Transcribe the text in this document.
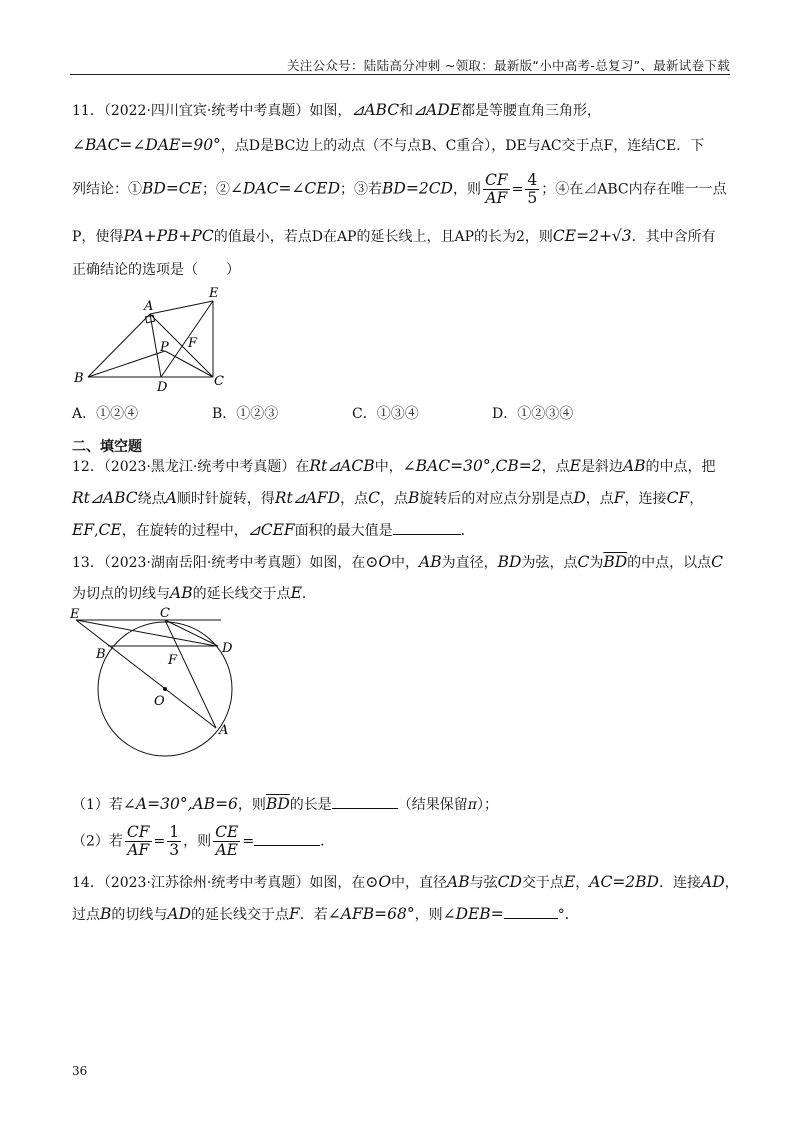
关注公众号：陆陆高分冲刺 ~领取：最新版“小中高考-总复习”、最新试卷下载
11．（2022·四川宜宾·统考中考真题）如图，⊿ABC和⊿ADE都是等腰直角三角形，
∠BAC=∠DAE=90°，点D是BC边上的动点（不与点B、C重合），DE与AC交于点F，连结CE．下
列结论：①BD=CE；②∠DAC=∠CED；③若BD=2CD，则 $\frac{CF}{AF} = \frac{4}{5}$ ；④在⊿ABC内存在唯一一点
P，使得PA+PB+PC的值最小，若点D在AP的延长线上，且AP的长为2，则CE=2+√3．其中含所有
正确结论的选项是（　　）
A
E
P F
B
D	C
A．①②④	B．①②③	C．①③④	D．①②③④
二、填空题
12．（2023·黑龙江·统考中考真题）在Rt⊿ACB中，∠BAC=30°,CB=2，点E是斜边AB的中点，把
Rt⊿ABC绕点A顺时针旋转，得Rt⊿AFD，点C，点B旋转后的对应点分别是点D，点F，连接CF，
EF,CE，在旋转的过程中，⊿CEF面积的最大值是	．
13．（2023·湖南岳阳·统考中考真题）如图，在⊙O中，AB为直径，BD为弦，点C为$\overline{BD}$的中点，以点C
为切点的切线与AB的延长线交于点E．
E	C
D
B	F
O
A
（1）若∠A=30°,AB=6，则$\overline{BD}$的长是	（结果保留π）；
（2）若 $\frac{CF}{AF} = \frac{1}{3}$ ，则 $\frac{CE}{AE}$ =	．
14．（2023·江苏徐州·统考中考真题）如图，在⊙O中，直径AB与弦CD交于点E，AC=2BD．连接AD，
过点B的切线与AD的延长线交于点F．若∠AFB=68°，则∠DEB=	°．
36
